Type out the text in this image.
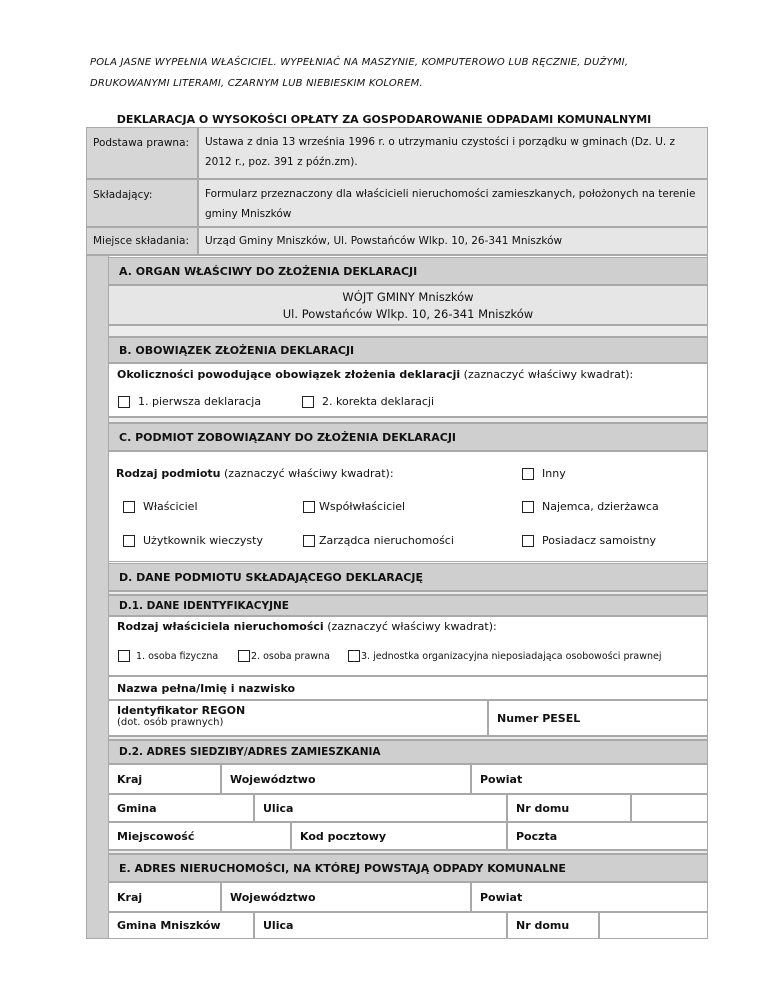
POLA JASNE WYPEŁNIA WŁAŚCICIEL. WYPEŁNIAĆ NA MASZYNIE, KOMPUTEROWO LUB RĘCZNIE, DUŻYMI,
DRUKOWANYMI LITERAMI, CZARNYM LUB NIEBIESKIM KOLOREM.
DEKLARACJA O WYSOKOŚCI OPŁATY ZA GOSPODAROWANIE ODPADAMI KOMUNALNYMI
Podstawa prawna:	Ustawa z dnia 13 września 1996 r. o utrzymaniu czystości i porządku w gminach (Dz. U. z 2012 r., poz. 391 z późn.zm).
Składający:	Formularz przeznaczony dla właścicieli nieruchomości zamieszkanych, położonych na terenie gminy Mniszków
Miejsce składania:	Urząd Gminy Mniszków, Ul. Powstańców Wlkp. 10, 26-341 Mniszków
A. ORGAN WŁAŚCIWY DO ZŁOŻENIA DEKLARACJI
WÓJT GMINY Mniszków
Ul. Powstańców Wlkp. 10, 26-341 Mniszków
B. OBOWIĄZEK ZŁOŻENIA DEKLARACJI
Okoliczności powodujące obowiązek złożenia deklaracji (zaznaczyć właściwy kwadrat):
1. pierwsza deklaracja	2. korekta deklaracji
C. PODMIOT ZOBOWIĄZANY DO ZŁOŻENIA DEKLARACJI
Rodzaj podmiotu (zaznaczyć właściwy kwadrat):	Inny
Właściciel	Współwłaściciel	Najemca, dzierżawca
Użytkownik wieczysty	Zarządca nieruchomości	Posiadacz samoistny
D. DANE PODMIOTU SKŁADAJĄCEGO DEKLARACJĘ
D.1. DANE IDENTYFIKACYJNE
Rodzaj właściciela nieruchomości (zaznaczyć właściwy kwadrat):
1. osoba fizyczna	2. osoba prawna	3. jednostka organizacyjna nieposiadająca osobowości prawnej
Nazwa pełna/Imię i nazwisko
Identyfikator REGON
(dot. osób prawnych)	Numer PESEL
D.2. ADRES SIEDZIBY/ADRES ZAMIESZKANIA
Kraj	Województwo	Powiat
Gmina	Ulica	Nr domu
Miejscowość	Kod pocztowy	Poczta
E. ADRES NIERUCHOMOŚCI, NA KTÓREJ POWSTAJĄ ODPADY KOMUNALNE
Kraj	Województwo	Powiat
Gmina Mniszków	Ulica	Nr domu
